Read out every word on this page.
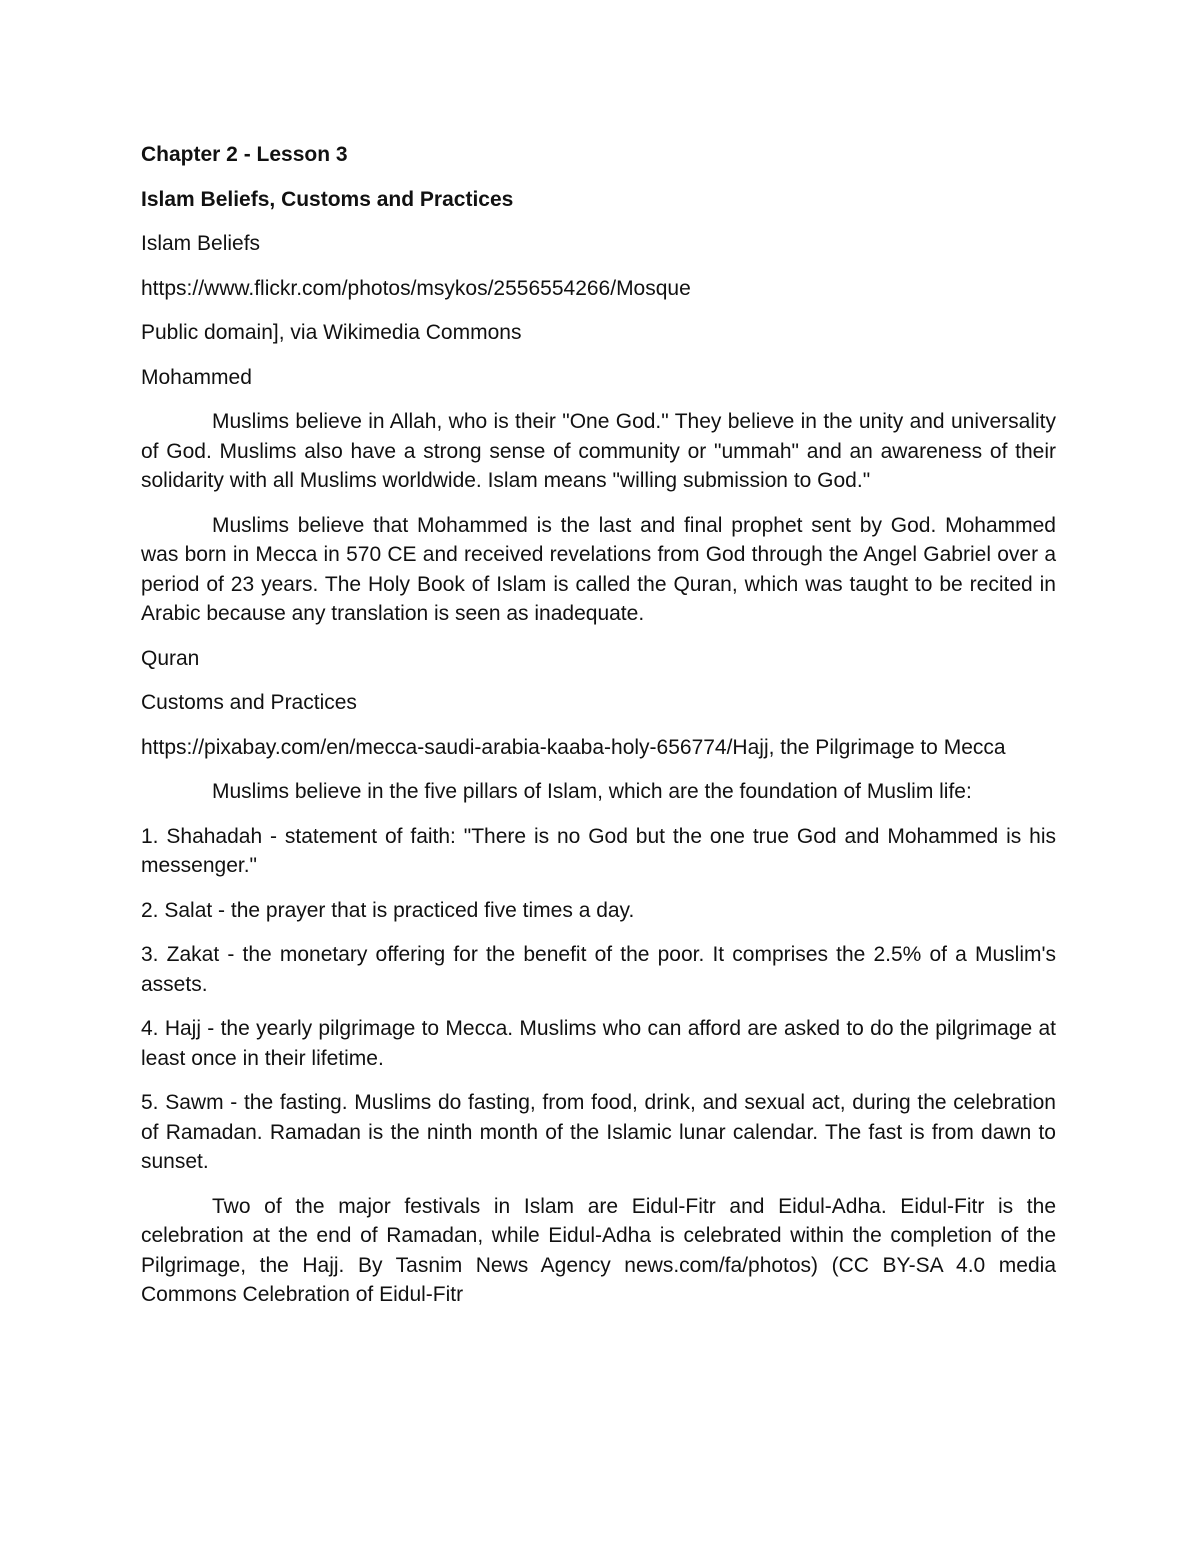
Chapter 2 - Lesson 3
Islam Beliefs, Customs and Practices
Islam Beliefs
https://www.flickr.com/photos/msykos/2556554266/Mosque
Public domain], via Wikimedia Commons
Mohammed

Muslims believe in Allah, who is their "One God." They believe in the unity and universality of God. Muslims also have a strong sense of community or "ummah" and an awareness of their solidarity with all Muslims worldwide. Islam means "willing submission to God."

Muslims believe that Mohammed is the last and final prophet sent by God. Mohammed was born in Mecca in 570 CE and received revelations from God through the Angel Gabriel over a period of 23 years. The Holy Book of Islam is called the Quran, which was taught to be recited in Arabic because any translation is seen as inadequate.

Quran
Customs and Practices

https://pixabay.com/en/mecca-saudi-arabia-kaaba-holy-656774/Hajj, the Pilgrimage to Mecca

Muslims believe in the five pillars of Islam, which are the foundation of Muslim life:

1. Shahadah - statement of faith: "There is no God but the one true God and Mohammed is his messenger."

2. Salat - the prayer that is practiced five times a day.

3. Zakat - the monetary offering for the benefit of the poor. It comprises the 2.5% of a Muslim's assets.

4. Hajj - the yearly pilgrimage to Mecca. Muslims who can afford are asked to do the pilgrimage at least once in their lifetime.

5. Sawm - the fasting. Muslims do fasting, from food, drink, and sexual act, during the celebration of Ramadan. Ramadan is the ninth month of the Islamic lunar calendar. The fast is from dawn to sunset.

Two of the major festivals in Islam are Eidul-Fitr and Eidul-Adha. Eidul-Fitr is the celebration at the end of Ramadan, while Eidul-Adha is celebrated within the completion of the Pilgrimage, the Hajj. By Tasnim News Agency news.com/fa/photos) (CC BY-SA 4.0 media Commons Celebration of Eidul-Fitr
